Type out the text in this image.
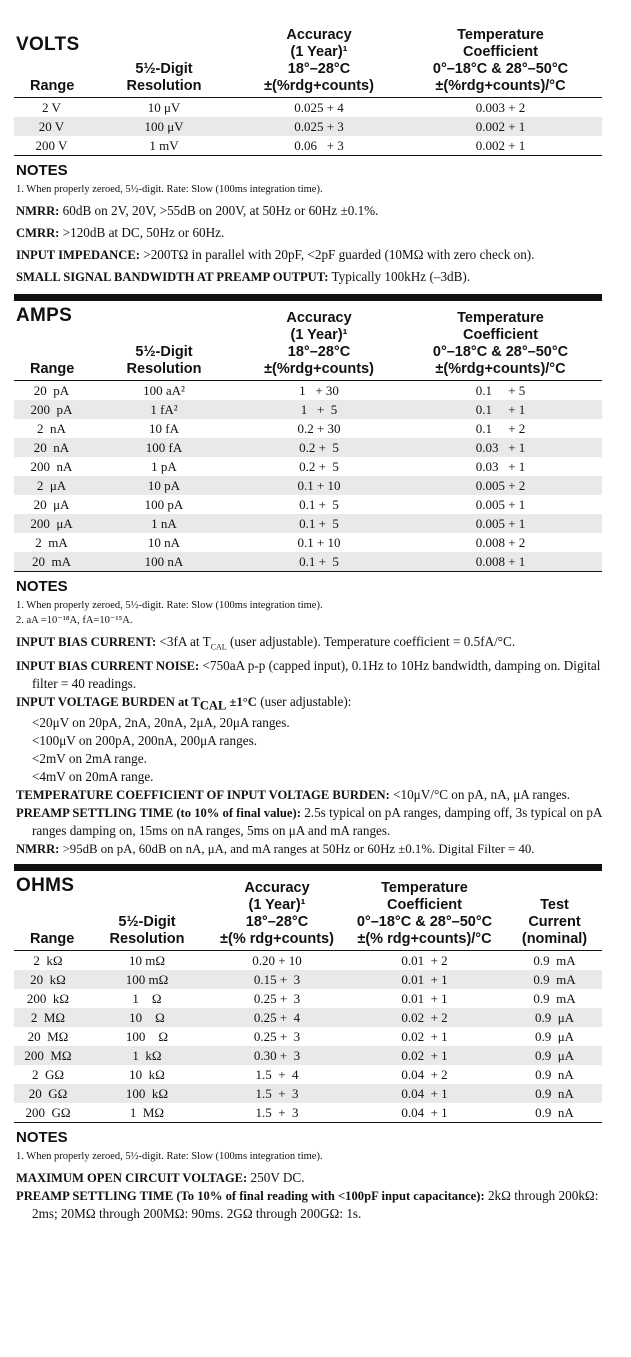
VOLTS
Range	5½-Digit
Resolution	Accuracy
(1 Year)¹
18°–28°C
±(%rdg+counts)	Temperature
Coefficient
0°–18°C & 28°–50°C
±(%rdg+counts)/°C
2 V	10 μV	0.025 + 4	0.003 + 2
20 V	100 μV	0.025 + 3	0.002 + 1
200 V	1 mV	0.06   + 3	0.002 + 1
NOTES

1. When properly zeroed, 5½-digit. Rate: Slow (100ms integration time).

NMRR: 60dB on 2V, 20V, >55dB on 200V, at 50Hz or 60Hz ±0.1%.

CMRR: >120dB at DC, 50Hz or 60Hz.

INPUT IMPEDANCE: >200TΩ in parallel with 20pF, <2pF guarded (10MΩ with zero check on).

SMALL SIGNAL BANDWIDTH AT PREAMP OUTPUT: Typically 100kHz (–3dB).

AMPS
Range	5½-Digit
Resolution	Accuracy
(1 Year)¹
18°–28°C
±(%rdg+counts)	Temperature
Coefficient
0°–18°C & 28°–50°C
±(%rdg+counts)/°C
20  pA	100 aA²	1   + 30	0.1     + 5
200  pA	1 fA²	1   +  5	0.1     + 1
2  nA	10 fA	0.2 + 30	0.1     + 2
20  nA	100 fA	0.2 +  5	0.03   + 1
200  nA	1 pA	0.2 +  5	0.03   + 1
2  μA	10 pA	0.1 + 10	0.005 + 2
20  μA	100 pA	0.1 +  5	0.005 + 1
200  μA	1 nA	0.1 +  5	0.005 + 1
2  mA	10 nA	0.1 + 10	0.008 + 2
20  mA	100 nA	0.1 +  5	0.008 + 1
NOTES

1. When properly zeroed, 5½-digit. Rate: Slow (100ms integration time).

2. aA =10⁻¹⁸A, fA=10⁻¹⁵A.

INPUT BIAS CURRENT: <3fA at $T_{CAL}$ (user adjustable). Temperature coefficient = 0.5fA/°C.

INPUT BIAS CURRENT NOISE: <750aA p-p (capped input), 0.1Hz to 10Hz bandwidth, damping on. Digital filter = 40 readings.

INPUT VOLTAGE BURDEN at $T_{CAL} \pm 1^\circ C$ (user adjustable):

<20μV on 20pA, 2nA, 20nA, 2μA, 20μA ranges.

<100μV on 200pA, 200nA, 200μA ranges.

<2mV on 2mA range.

<4mV on 20mA range.

TEMPERATURE COEFFICIENT OF INPUT VOLTAGE BURDEN: <10μV/°C on pA, nA, μA ranges.

PREAMP SETTLING TIME (to 10% of final value): 2.5s typical on pA ranges, damping off, 3s typical on pA ranges damping on, 15ms on nA ranges, 5ms on μA and mA ranges.

NMRR: >95dB on pA, 60dB on nA, μA, and mA ranges at 50Hz or 60Hz ±0.1%. Digital Filter = 40.

OHMS
Range	5½-Digit
Resolution	Accuracy
(1 Year)¹
18°–28°C
±(% rdg+counts)	Temperature
Coefficient
0°–18°C & 28°–50°C
±(% rdg+counts)/°C	Test
Current
(nominal)
2  kΩ	10 mΩ	0.20 + 10	0.01  + 2	0.9  mA
20  kΩ	100 mΩ	0.15 +  3	0.01  + 1	0.9  mA
200  kΩ	1    Ω	0.25 +  3	0.01  + 1	0.9  mA
2  MΩ	10    Ω	0.25 +  4	0.02  + 2	0.9  μA
20  MΩ	100    Ω	0.25 +  3	0.02  + 1	0.9  μA
200  MΩ	1  kΩ	0.30 +  3	0.02  + 1	0.9  μA
2  GΩ	10  kΩ	1.5  +  4	0.04  + 2	0.9  nA
20  GΩ	100  kΩ	1.5  +  3	0.04  + 1	0.9  nA
200  GΩ	1  MΩ	1.5  +  3	0.04  + 1	0.9  nA
NOTES

1. When properly zeroed, 5½-digit. Rate: Slow (100ms integration time).

MAXIMUM OPEN CIRCUIT VOLTAGE: 250V DC.

PREAMP SETTLING TIME (To 10% of final reading with <100pF input capacitance): 2kΩ through 200kΩ: 2ms; 20MΩ through 200MΩ: 90ms. 2GΩ through 200GΩ: 1s.
